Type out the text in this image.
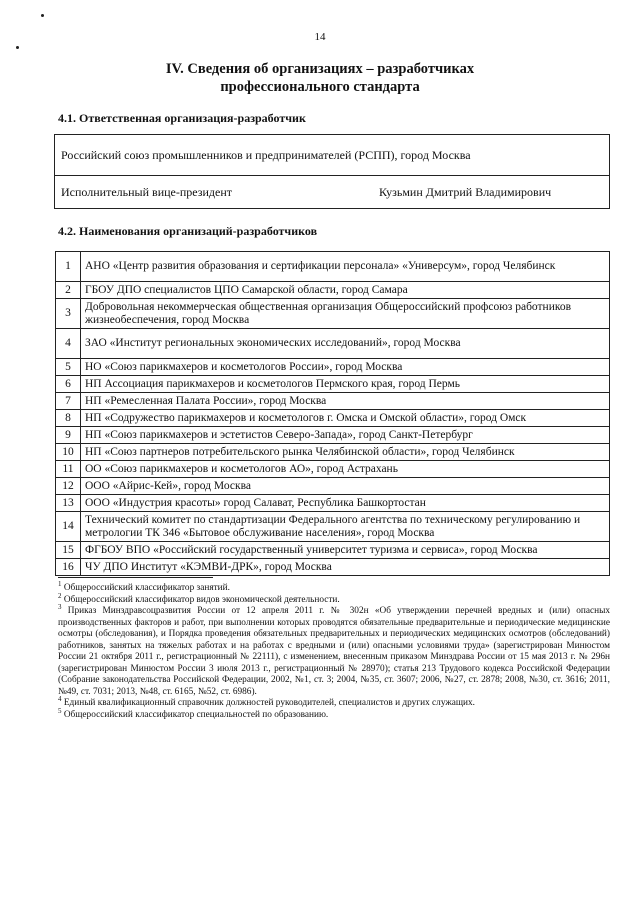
14
IV. Сведения об организациях – разработчиках
профессионального стандарта
4.1. Ответственная организация-разработчик
Российский союз промышленников и предпринимателей (РСПП), город Москва
Исполнительный вице-президент	Кузьмин Дмитрий Владимирович
4.2. Наименования организаций-разработчиков
1	АНО «Центр развития образования и сертификации персонала» «Универсум», город Челябинск
2	ГБОУ ДПО специалистов ЦПО Самарской области, город Самара
3	Добровольная некоммерческая общественная организация Общероссийский профсоюз работников жизнеобеспечения, город Москва
4	ЗАО «Институт региональных экономических исследований», город Москва
5	НО «Союз парикмахеров и косметологов России», город Москва
6	НП Ассоциация парикмахеров и косметологов Пермского края, город Пермь
7	НП «Ремесленная Палата России», город Москва
8	НП «Содружество парикмахеров и косметологов г. Омска и Омской области», город Омск
9	НП «Союз парикмахеров и эстетистов Северо-Запада», город Санкт-Петербург
10	НП «Союз партнеров потребительского рынка Челябинской области», город Челябинск
11	ОО «Союз парикмахеров и косметологов АО», город Астрахань
12	ООО «Айрис-Кей», город Москва
13	ООО «Индустрия красоты» город Салават, Республика Башкортостан
14	Технический комитет по стандартизации Федерального агентства по техническому регулированию и метрологии ТК 346 «Бытовое обслуживание населения», город Москва
15	ФГБОУ ВПО «Российский государственный университет туризма и сервиса», город Москва
16	ЧУ ДПО Институт «КЭМВИ-ДРК», город Москва

$^1$ Общероссийский классификатор занятий.

$^2$ Общероссийский классификатор видов экономической деятельности.

$^3$ Приказ Минздравсоцразвития России от 12 апреля 2011 г. № 302н «Об утверждении перечней вредных и (или) опасных производственных факторов и работ, при выполнении которых проводятся обязательные предварительные и периодические медицинские осмотры (обследования), и Порядка проведения обязательных предварительных и периодических медицинских осмотров (обследований) работников, занятых на тяжелых работах и на работах с вредными и (или) опасными условиями труда» (зарегистрирован Минюстом России 21 октября 2011 г., регистрационный № 22111), с изменением, внесенным приказом Минздрава России от 15 мая 2013 г. № 296н (зарегистрирован Минюстом России 3 июля 2013 г., регистрационный № 28970); статья 213 Трудового кодекса Российской Федерации (Собрание законодательства Российской Федерации, 2002, №1, ст. 3; 2004, №35, ст. 3607; 2006, №27, ст. 2878; 2008, №30, ст. 3616; 2011, №49, ст. 7031; 2013, №48, ст. 6165, №52, ст. 6986).

$^4$ Единый квалификационный справочник должностей руководителей, специалистов и других служащих.

$^5$ Общероссийский классификатор специальностей по образованию.
